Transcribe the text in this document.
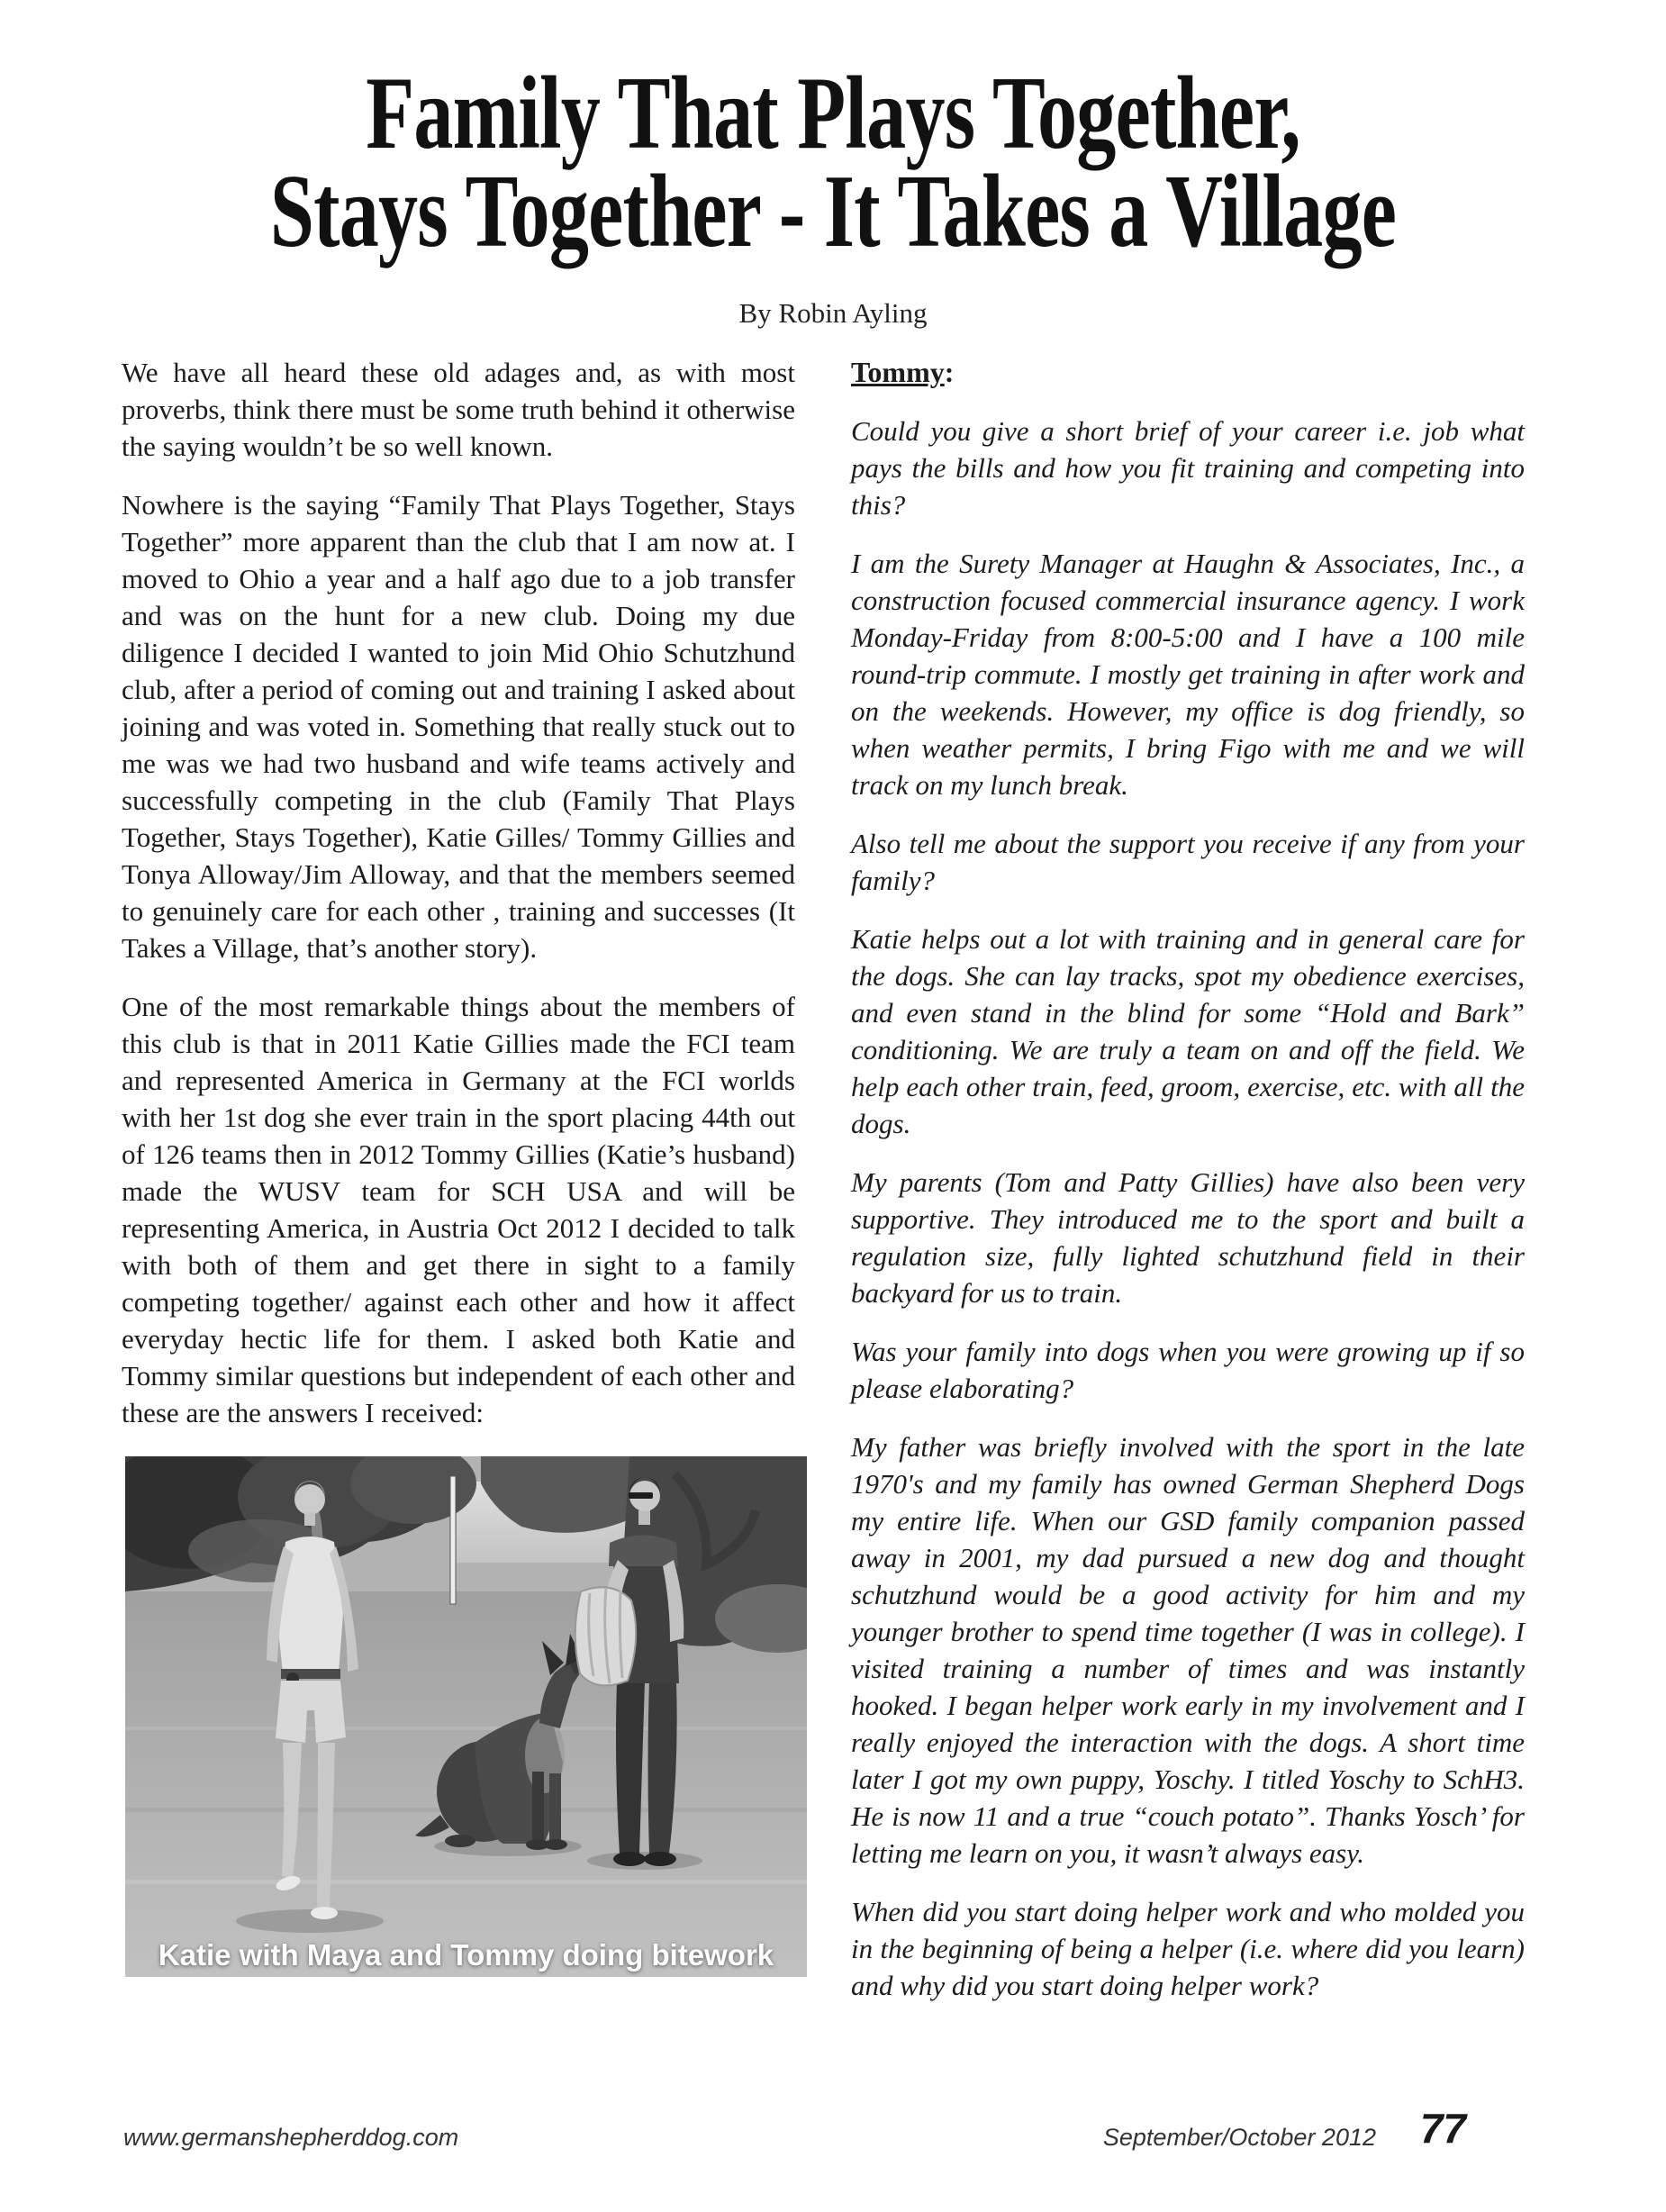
Family That Plays Together,
Stays Together - It Takes a Village
By Robin Ayling

We have all heard these old adages and, as with most proverbs, think there must be some truth behind it otherwise the saying wouldn’t be so well known.

Nowhere is the saying “Family That Plays Together, Stays Together” more apparent than the club that I am now at. I moved to Ohio a year and a half ago due to a job transfer and was on the hunt for a new club. Doing my due diligence I decided I wanted to join Mid Ohio Schutzhund club, after a period of coming out and training I asked about joining and was voted in. Something that really stuck out to me was we had two husband and wife teams actively and successfully competing in the club (Family That Plays Together, Stays Together), Katie Gilles/ Tommy Gillies and Tonya Alloway/Jim Alloway, and that the members seemed to genuinely care for each other , training and successes (It Takes a Village, that’s another story).

One of the most remarkable things about the members of this club is that in 2011 Katie Gillies made the FCI team and represented America in Germany at the FCI worlds with her 1st dog she ever train in the sport placing 44th out of 126 teams then in 2012 Tommy Gillies (Katie’s husband) made the WUSV team for SCH USA and will be representing America, in Austria Oct 2012 I decided to talk with both of them and get there in sight to a family competing together/ against each other and how it affect everyday hectic life for them. I asked both Katie and Tommy similar questions but independent of each other and these are the answers I received:

Katie with Maya and Tommy doing bitework

Tommy:

Could you give a short brief of your career i.e. job what pays the bills and how you fit training and competing into this?

I am the Surety Manager at Haughn & Associates, Inc., a construction focused commercial insurance agency. I work Monday-Friday from 8:00-5:00 and I have a 100 mile round-trip commute. I mostly get training in after work and on the weekends. However, my office is dog friendly, so when weather permits, I bring Figo with me and we will track on my lunch break.

Also tell me about the support you receive if any from your family?

Katie helps out a lot with training and in general care for the dogs. She can lay tracks, spot my obedience exercises, and even stand in the blind for some “Hold and Bark” conditioning. We are truly a team on and off the field. We help each other train, feed, groom, exercise, etc. with all the dogs.

My parents (Tom and Patty Gillies) have also been very supportive. They introduced me to the sport and built a regulation size, fully lighted schutzhund field in their backyard for us to train.

Was your family into dogs when you were growing up if so please elaborating?

My father was briefly involved with the sport in the late 1970's and my family has owned German Shepherd Dogs my entire life. When our GSD family companion passed away in 2001, my dad pursued a new dog and thought schutzhund would be a good activity for him and my younger brother to spend time together (I was in college). I visited training a number of times and was instantly hooked. I began helper work early in my involvement and I really enjoyed the interaction with the dogs. A short time later I got my own puppy, Yoschy. I titled Yoschy to SchH3. He is now 11 and a true “couch potato”. Thanks Yosch’ for letting me learn on you, it wasn’t always easy.

When did you start doing helper work and who molded you in the beginning of being a helper (i.e. where did you learn) and why did you start doing helper work?

www.germanshepherddog.com	September/October 2012 77
